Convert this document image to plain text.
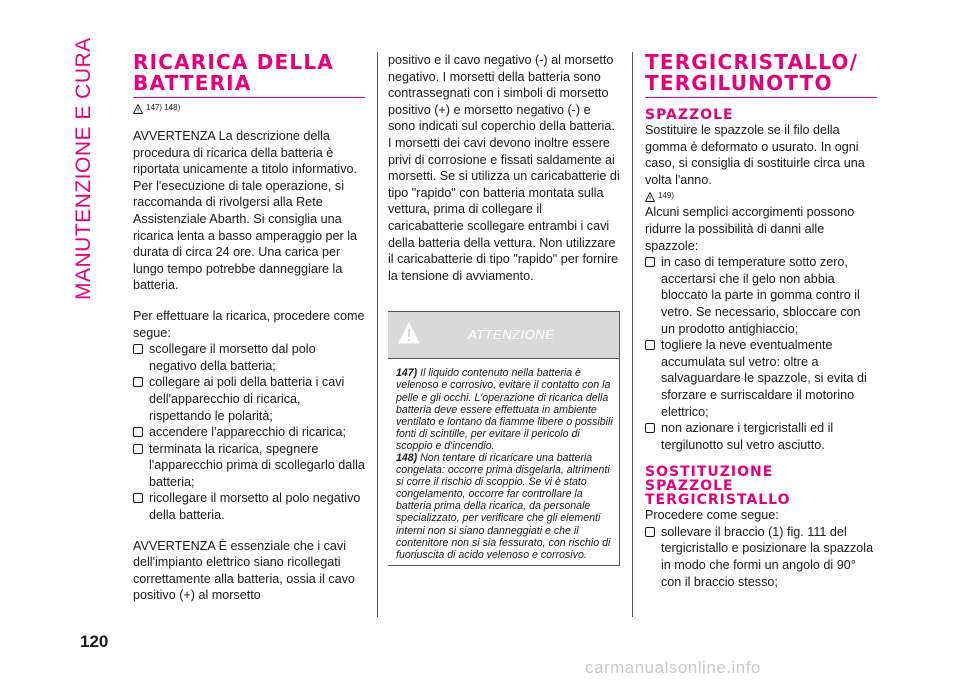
MANUTENZIONE E CURA
120
RICARICA DELLA BATTERIA
147) 148)

AVVERTENZA La descrizione della procedura di ricarica della batteria è riportata unicamente a titolo informativo. Per l'esecuzione di tale operazione, si raccomanda di rivolgersi alla Rete Assistenziale Abarth. Si consiglia una ricarica lenta a basso amperaggio per la durata di circa 24 ore. Una carica per lungo tempo potrebbe danneggiare la batteria.

Per effettuare la ricarica, procedere come segue:

scollegare il morsetto dal polo negativo della batteria;
collegare ai poli della batteria i cavi dell'apparecchio di ricarica, rispettando le polarità;
accendere l'apparecchio di ricarica;
terminata la ricarica, spegnere l'apparecchio prima di scollegarlo dalla batteria;
ricollegare il morsetto al polo negativo della batteria.

AVVERTENZA È essenziale che i cavi dell'impianto elettrico siano ricollegati correttamente alla batteria, ossia il cavo positivo (+) al morsetto

positivo e il cavo negativo (-) al morsetto negativo. I morsetti della batteria sono contrassegnati con i simboli di morsetto positivo (+) e morsetto negativo (-) e sono indicati sul coperchio della batteria. I morsetti dei cavi devono inoltre essere privi di corrosione e fissati saldamente ai morsetti. Se si utilizza un caricabatterie di tipo "rapido" con batteria montata sulla vettura, prima di collegare il caricabatterie scollegare entrambi i cavi della batteria della vettura. Non utilizzare il caricabatterie di tipo "rapido" per fornire la tensione di avviamento.

ATTENZIONE

147) Il liquido contenuto nella batteria è velenoso e corrosivo, evitare il contatto con la pelle e gli occhi. L'operazione di ricarica della batteria deve essere effettuata in ambiente ventilato e lontano da fiamme libere o possibili fonti di scintille, per evitare il pericolo di scoppio e d'incendio.

148) Non tentare di ricaricare una batteria congelata: occorre prima disgelarla, altrimenti si corre il rischio di scoppio. Se vi è stato congelamento, occorre far controllare la batteria prima della ricarica, da personale specializzato, per verificare che gli elementi interni non si siano danneggiati e che il contenitore non si sia fessurato, con rischio di fuoriuscita di acido velenoso e corrosivo.

TERGICRISTALLO/ TERGILUNOTTO
SPAZZOLE

Sostituire le spazzole se il filo della gomma è deformato o usurato. In ogni caso, si consiglia di sostituirle circa una volta l'anno.

149)

Alcuni semplici accorgimenti possono ridurre la possibilità di danni alle spazzole:

in caso di temperature sotto zero, accertarsi che il gelo non abbia bloccato la parte in gomma contro il vetro. Se necessario, sbloccare con un prodotto antighiaccio;
togliere la neve eventualmente accumulata sul vetro: oltre a salvaguardare le spazzole, si evita di sforzare e surriscaldare il motorino elettrico;
non azionare i tergicristalli ed il tergilunotto sul vetro asciutto.
SOSTITUZIONE SPAZZOLE TERGICRISTALLO

Procedere come segue:

sollevare il braccio (1) fig. 111 del tergicristallo e posizionare la spazzola in modo che formi un angolo di 90° con il braccio stesso;
carmanualsonline.info
